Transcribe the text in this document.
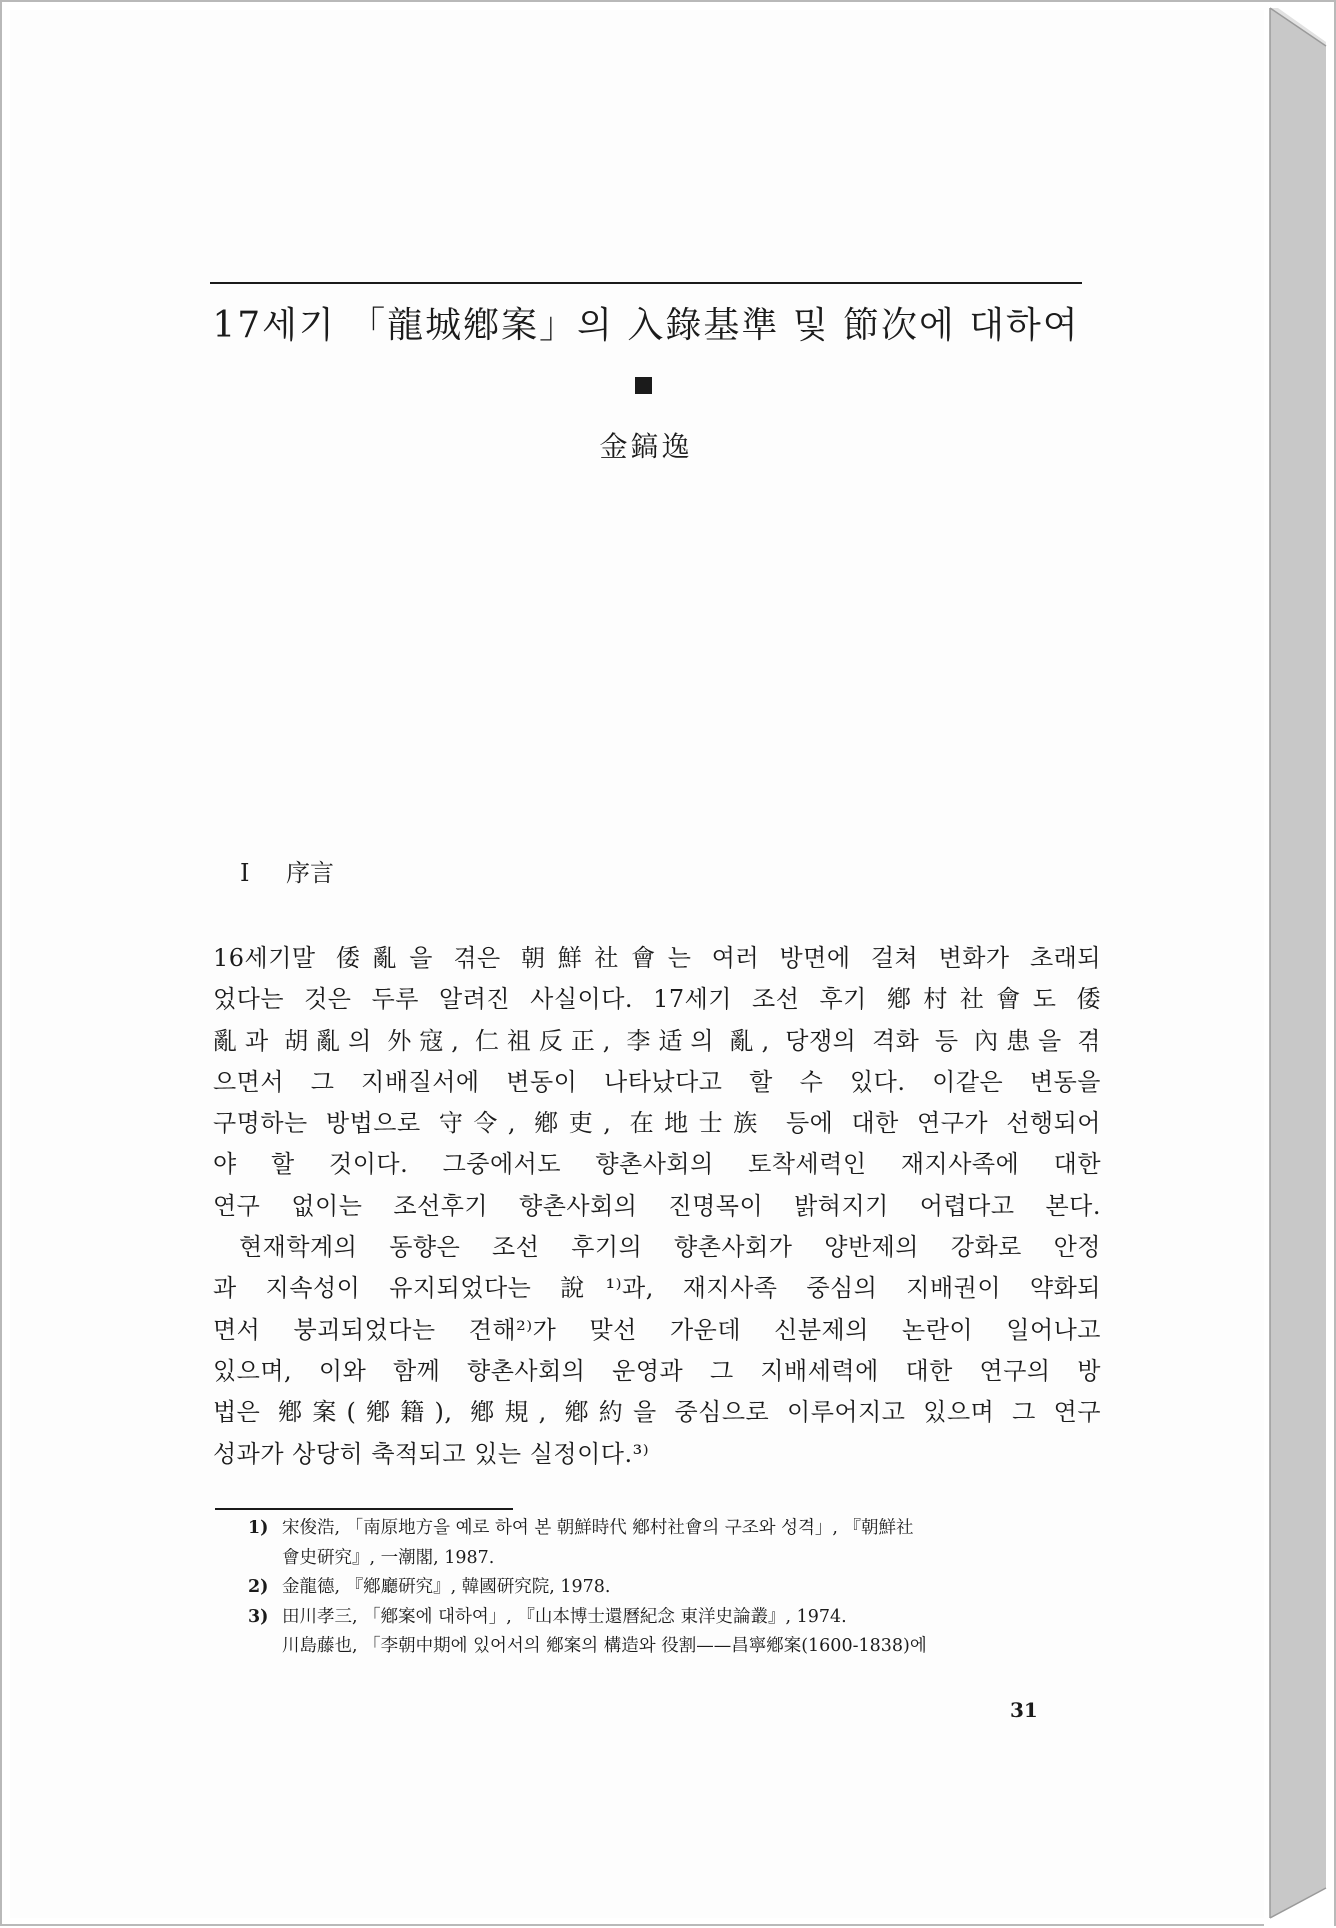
17세기 「龍城鄕案」의 入錄基準 및 節次에 대하여
金鎬逸
Ⅰ 序言
16세기말 倭亂을 겪은 朝鮮社會는 여러 방면에 걸쳐 변화가 초래되
었다는 것은 두루 알려진 사실이다. 17세기 조선 후기 鄕村社會도 倭
亂과 胡亂의 外寇, 仁祖反正, 李适의 亂, 당쟁의 격화 등 內患을 겪
으면서 그 지배질서에 변동이 나타났다고 할 수 있다. 이같은 변동을
구명하는 방법으로 守令, 鄕吏, 在地士族 등에 대한 연구가 선행되어
야 할 것이다. 그중에서도 향촌사회의 토착세력인 재지사족에 대한
연구 없이는 조선후기 향촌사회의 진명목이 밝혀지기 어렵다고 본다.
현재학계의 동향은 조선 후기의 향촌사회가 양반제의 강화로 안정
과 지속성이 유지되었다는 說¹⁾과, 재지사족 중심의 지배권이 약화되
면서 붕괴되었다는 견해²⁾가 맞선 가운데 신분제의 논란이 일어나고
있으며, 이와 함께 향촌사회의 운영과 그 지배세력에 대한 연구의 방
법은 鄕案(鄕籍), 鄕規, 鄕約을 중심으로 이루어지고 있으며 그 연구
성과가 상당히 축적되고 있는 실정이다.³⁾
1) 宋俊浩, 「南原地方을 예로 하여 본 朝鮮時代 鄕村社會의 구조와 성격」, 『朝鮮社
會史硏究』, 一潮閣, 1987.
2) 金龍德, 『鄕廳硏究』, 韓國硏究院, 1978.
3) 田川孝三, 「鄕案에 대하여」, 『山本博士還曆紀念 東洋史論叢』, 1974.
川島藤也, 「李朝中期에 있어서의 鄕案의 構造와 役割——昌寧鄕案(1600-1838)에
31
